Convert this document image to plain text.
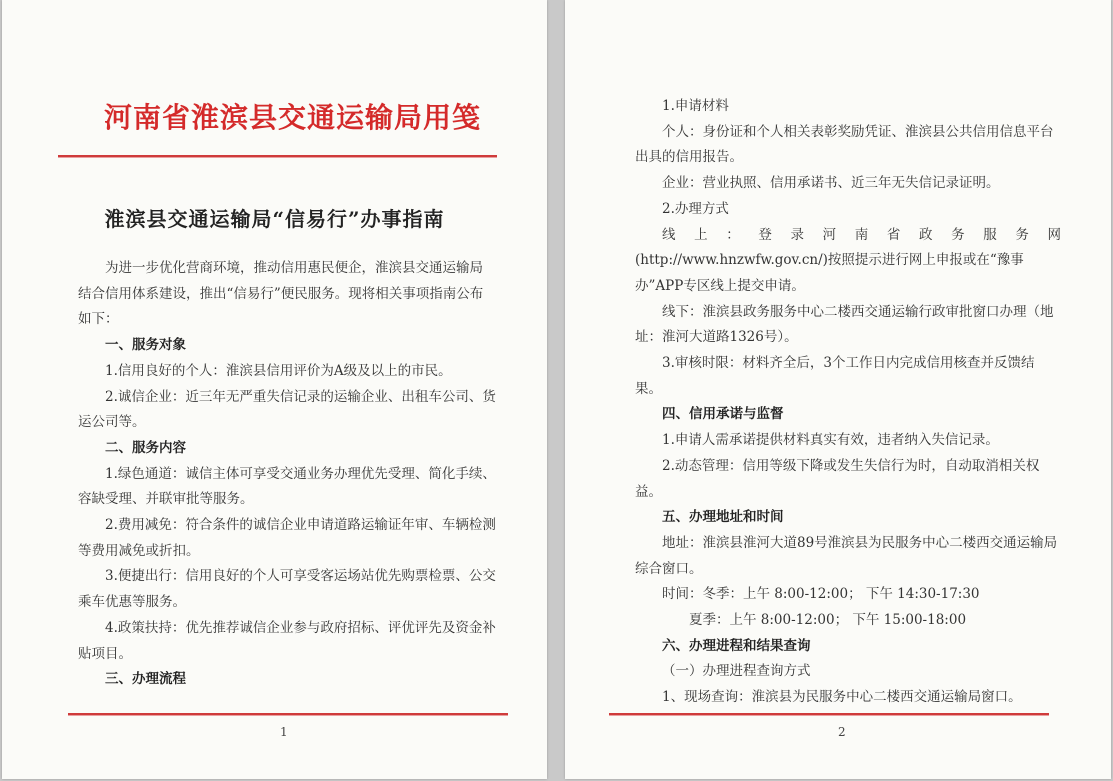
河南省淮滨县交通运输局用笺
淮滨县交通运输局“信易行”办事指南

为进一步优化营商环境，推动信用惠民便企，淮滨县交通运输局结合信用体系建设，推出“信易行”便民服务。现将相关事项指南公布如下：

一、服务对象

1.信用良好的个人：淮滨县信用评价为A级及以上的市民。

2.诚信企业：近三年无严重失信记录的运输企业、出租车公司、货运公司等。

二、服务内容

1.绿色通道：诚信主体可享受交通业务办理优先受理、简化手续、容缺受理、并联审批等服务。

2.费用减免：符合条件的诚信企业申请道路运输证年审、车辆检测等费用减免或折扣。

3.便捷出行：信用良好的个人可享受客运场站优先购票检票、公交乘车优惠等服务。

4.政策扶持：优先推荐诚信企业参与政府招标、评优评先及资金补贴项目。

三、办理流程

1

1.申请材料

个人：身份证和个人相关表彰奖励凭证、淮滨县公共信用信息平台出具的信用报告。

企业：营业执照、信用承诺书、近三年无失信记录证明。

2.办理方式

线上：登录河南省政务服务网

(http://www.hnzwfw.gov.cn/)按照提示进行网上申报或在“豫事办”APP专区线上提交申请。

线下：淮滨县政务服务中心二楼西交通运输行政审批窗口办理（地址：淮河大道路1326号）。

3.审核时限：材料齐全后，3个工作日内完成信用核查并反馈结果。

四、信用承诺与监督

1.申请人需承诺提供材料真实有效，违者纳入失信记录。

2.动态管理：信用等级下降或发生失信行为时，自动取消相关权益。

五、办理地址和时间

地址：淮滨县淮河大道89号淮滨县为民服务中心二楼西交通运输局综合窗口。

时间：冬季：上午 8:00-12:00； 下午 14:30-17:30

夏季：上午 8:00-12:00； 下午 15:00-18:00

六、办理进程和结果查询

（一）办理进程查询方式

1、现场查询：淮滨县为民服务中心二楼西交通运输局窗口。

2
